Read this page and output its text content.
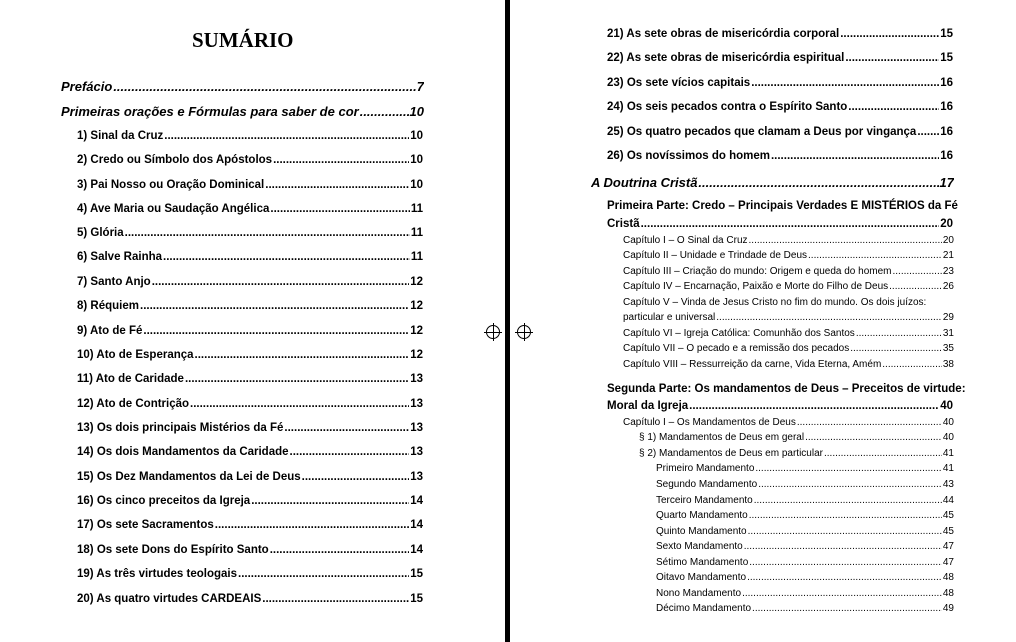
SUMÁRIO
Prefácio .....	7
Primeiras orações e Fórmulas para saber de cor .....	10
1) Sinal da Cruz .....	10
2) Credo ou Símbolo dos Apóstolos .....	10
3) Pai Nosso ou Oração Dominical .....	10
4) Ave Maria ou Saudação Angélica .....	11
5) Glória .....	11
6) Salve Rainha .....	11
7) Santo Anjo .....	12
8) Réquiem .....	12
9) Ato de Fé .....	12
10) Ato de Esperança .....	12
11) Ato de Caridade .....	13
12) Ato de Contrição .....	13
13) Os dois principais Mistérios da Fé .....	13
14) Os dois Mandamentos da Caridade .....	13
15) Os Dez Mandamentos da Lei de Deus .....	13
16) Os cinco preceitos da Igreja .....	14
17) Os sete Sacramentos .....	14
18) Os sete Dons do Espírito Santo .....	14
19) As três virtudes teologais .....	15
20) As quatro virtudes CARDEAIS .....	15
21) As sete obras de misericórdia corporal .....	15
22) As sete obras de misericórdia espiritual .....	15
23) Os sete vícios capitais .....	16
24) Os seis pecados contra o Espírito Santo .....	16
25) Os quatro pecados que clamam a Deus por vingança ..... 16
26) Os novíssimos do homem .....	16
A Doutrina Cristã .....	17
Primeira Parte: Credo – Principais Verdades E MISTÉRIOS da Fé
Cristã .....	20
Capítulo I – O Sinal da Cruz .....	20
Capítulo II – Unidade e Trindade de Deus .....	21
Capítulo III – Criação do mundo: Origem e queda do homem .....	23
Capítulo IV – Encarnação, Paixão e Morte do Filho de Deus .....	26
Capítulo V – Vinda de Jesus Cristo no fim do mundo. Os dois juízos:
particular e universal .....	29
Capítulo VI – Igreja Católica: Comunhão dos Santos .....	31
Capítulo VII – O pecado e a remissão dos pecados .....	35
Capítulo VIII – Ressurreição da carne, Vida Eterna, Amém .....	38
Segunda Parte: Os mandamentos de Deus – Preceitos de virtude:
Moral da Igreja .....	40
Capítulo I – Os Mandamentos de Deus .....	40
§ 1) Mandamentos de Deus em geral .....	40
§ 2) Mandamentos de Deus em particular .....	41
Primeiro Mandamento .....	41
Segundo Mandamento .....	43
Terceiro Mandamento .....	44
Quarto Mandamento .....	45
Quinto Mandamento .....	45
Sexto Mandamento .....	47
Sétimo Mandamento .....	47
Oitavo Mandamento .....	48
Nono Mandamento .....	48
Décimo Mandamento .....	49
